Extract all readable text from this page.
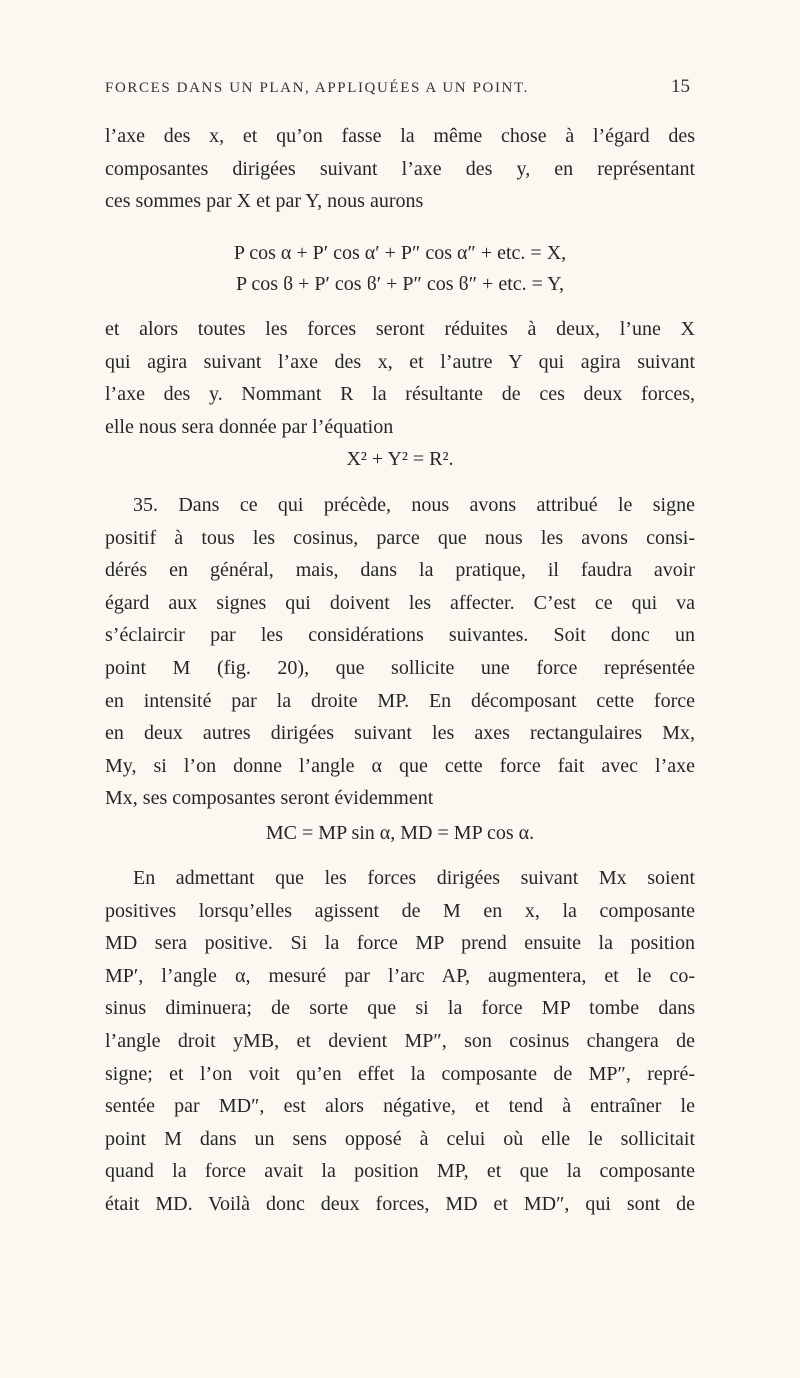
FORCES DANS UN PLAN, APPLIQUÉES A UN POINT.	15
l’axe des x, et qu’on fasse la même chose à l’égard des
composantes dirigées suivant l’axe des y, en représentant
ces sommes par X et par Y, nous aurons
P cos α + P′ cos α′ + P″ cos α″ + etc. = X,
P cos ϐ + P′ cos ϐ′ + P″ cos ϐ″ + etc. = Y,
et alors toutes les forces seront réduites à deux, l’une X
qui agira suivant l’axe des x, et l’autre Y qui agira suivant
l’axe des y. Nommant R la résultante de ces deux forces,
elle nous sera donnée par l’équation
X² + Y² = R².
35. Dans ce qui précède, nous avons attribué le signe
positif à tous les cosinus, parce que nous les avons consi-
dérés en général, mais, dans la pratique, il faudra avoir
égard aux signes qui doivent les affecter. C’est ce qui va
s’éclaircir par les considérations suivantes. Soit donc un
point M (fig. 20), que sollicite une force représentée
en intensité par la droite MP. En décomposant cette force
en deux autres dirigées suivant les axes rectangulaires Mx,
My, si l’on donne l’angle α que cette force fait avec l’axe
Mx, ses composantes seront évidemment
MC = MP sin α, MD = MP cos α.
En admettant que les forces dirigées suivant Mx soient
positives lorsqu’elles agissent de M en x, la composante
MD sera positive. Si la force MP prend ensuite la position
MP′, l’angle α, mesuré par l’arc AP, augmentera, et le co-
sinus diminuera; de sorte que si la force MP tombe dans
l’angle droit yMB, et devient MP″, son cosinus changera de
signe; et l’on voit qu’en effet la composante de MP″, repré-
sentée par MD″, est alors négative, et tend à entraîner le
point M dans un sens opposé à celui où elle le sollicitait
quand la force avait la position MP, et que la composante
était MD. Voilà donc deux forces, MD et MD″, qui sont de
